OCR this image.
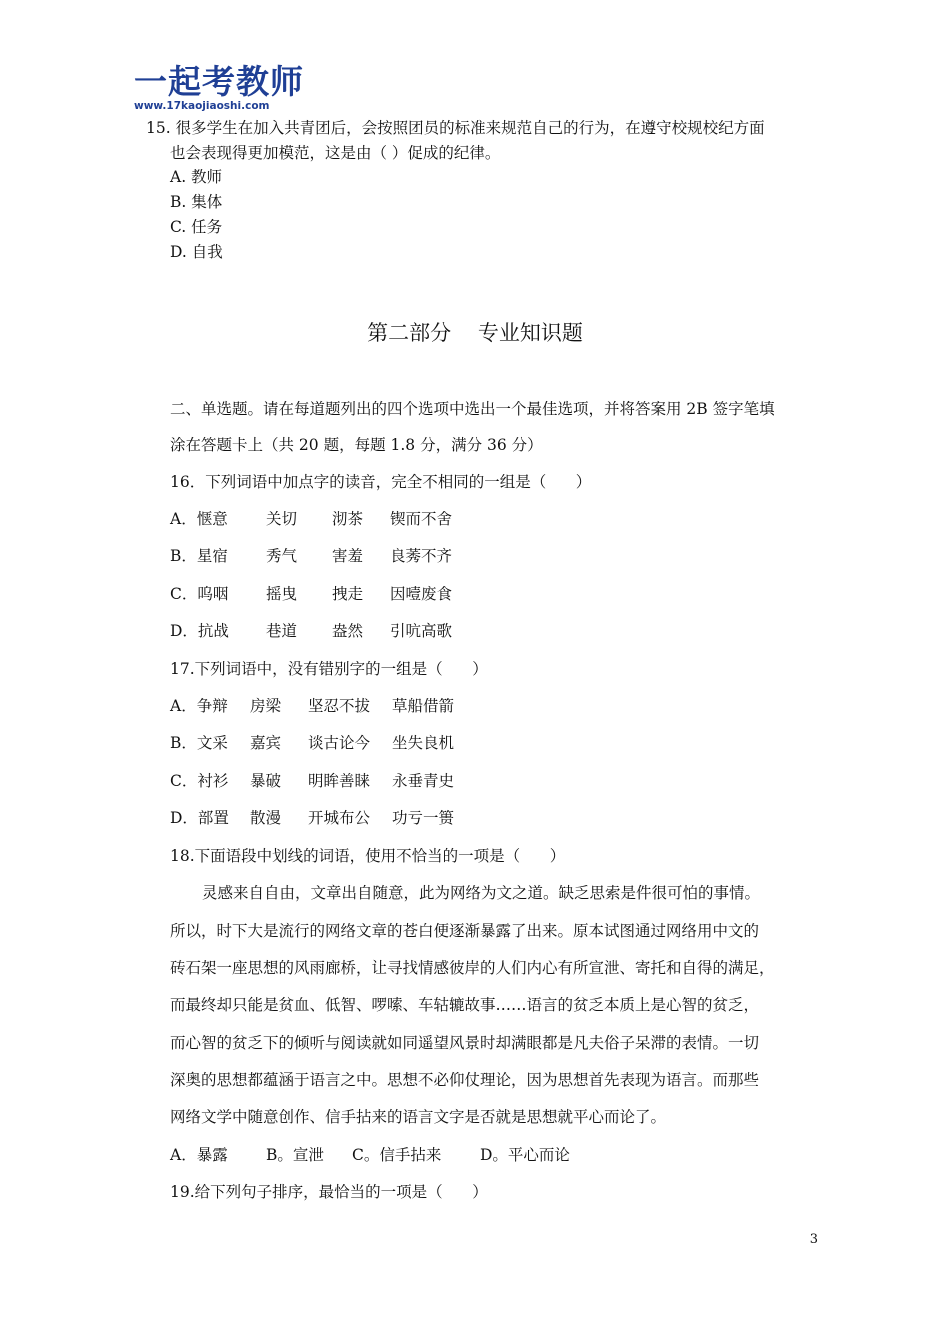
一起考教师
www.17kaojiaoshi.com
15. 很多学生在加入共青团后，会按照团员的标准来规范自己的行为，在遵守校规校纪方面
也会表现得更加模范，这是由（ ）促成的纪律。
A. 教师
B. 集体
C. 任务
D. 自我
第二部分    专业知识题
二、单选题。请在每道题列出的四个选项中选出一个最佳选项，并将答案用 2B 签字笔填
涂在答题卡上（共 20 题，每题 1.8 分，满分 36 分）
16．下列词语中加点字的读音，完全不相同的一组是（      ）
A．惬意 关切 沏茶 锲而不舍
B．星宿 秀气 害羞 良莠不齐
C．呜咽 摇曳 拽走 因噎废食
D．抗战 巷道 盎然 引吭高歌
17.下列词语中，没有错别字的一组是（      ）
A．争辩 房梁 坚忍不拔 草船借箭
B．文采 嘉宾 谈古论今 坐失良机
C．衬衫 暴破 明眸善睐 永垂青史
D．部置 散漫 开城布公 功亏一篑
18.下面语段中划线的词语，使用不恰当的一项是（      ）
灵感来自自由，文章出自随意，此为网络为文之道。缺乏思索是件很可怕的事情。
所以，时下大是流行的网络文章的苍白便逐渐暴露了出来。原本试图通过网络用中文的
砖石架一座思想的风雨廊桥，让寻找情感彼岸的人们内心有所宣泄、寄托和自得的满足，
而最终却只能是贫血、低智、啰嗦、车轱辘故事……语言的贫乏本质上是心智的贫乏，
而心智的贫乏下的倾听与阅读就如同遥望风景时却满眼都是凡夫俗子呆滞的表情。一切
深奥的思想都蕴涵于语言之中。思想不必仰仗理论，因为思想首先表现为语言。而那些
网络文学中随意创作、信手拈来的语言文字是否就是思想就平心而论了。
A．暴露 B。宣泄 C。信手拈来 D。平心而论
19.给下列句子排序，最恰当的一项是（      ）
3
